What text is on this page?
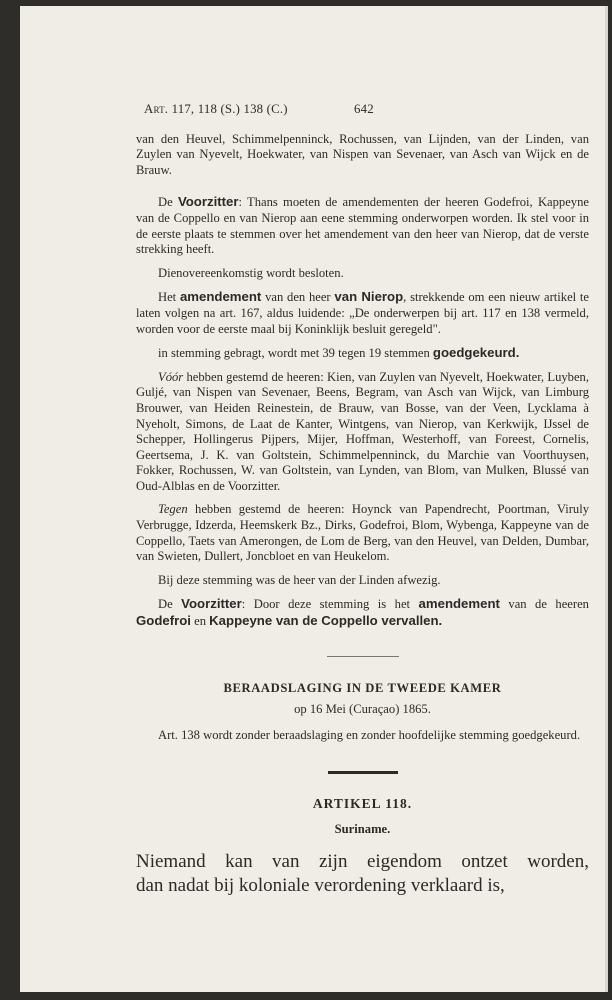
Art. 117, 118 (S.) 138 (C.)	642

van den Heuvel, Schimmelpenninck, Rochussen, van Lijnden, van der Linden, van Zuylen van Nyevelt, Hoekwater, van Nispen van Sevenaer, van Asch van Wijck en de Brauw.

De Voorzitter: Thans moeten de amendementen der heeren Godefroi, Kappeyne van de Coppello en van Nierop aan eene stemming onderworpen worden. Ik stel voor in de eerste plaats te stemmen over het amendement van den heer van Nierop, dat de verste strekking heeft.

Dienovereenkomstig wordt besloten.

Het amendement van den heer van Nierop, strekkende om een nieuw artikel te laten volgen na art. 167, aldus luidende: „De onderwerpen bij art. 117 en 138 vermeld, worden voor de eerste maal bij Koninklijk besluit geregeld".

in stemming gebragt, wordt met 39 tegen 19 stemmen goedgekeurd.

Vóór hebben gestemd de heeren: Kien, van Zuylen van Nyevelt, Hoekwater, Luyben, Guljé, van Nispen van Sevenaer, Beens, Begram, van Asch van Wijck, van Limburg Brouwer, van Heiden Reinestein, de Brauw, van Bosse, van der Veen, Lycklama à Nyeholt, Simons, de Laat de Kanter, Wintgens, van Nierop, van Kerkwijk, IJssel de Schepper, Hollingerus Pijpers, Mijer, Hoffman, Westerhoff, van Foreest, Cornelis, Geertsema, J. K. van Goltstein, Schimmelpenninck, du Marchie van Voorthuysen, Fokker, Rochussen, W. van Goltstein, van Lynden, van Blom, van Mulken, Blussé van Oud-Alblas en de Voorzitter.

Tegen hebben gestemd de heeren: Hoynck van Papendrecht, Poortman, Viruly Verbrugge, Idzerda, Heemskerk Bz., Dirks, Godefroi, Blom, Wybenga, Kappeyne van de Coppello, Taets van Amerongen, de Lom de Berg, van den Heuvel, van Delden, Dumbar, van Swieten, Dullert, Joncbloet en van Heukelom.

Bij deze stemming was de heer van der Linden afwezig.

De Voorzitter: Door deze stemming is het amendement van de heeren Godefroi en Kappeyne van de Coppello vervallen.

BERAADSLAGING IN DE TWEEDE KAMER
op 16 Mei (Curaçao) 1865.

Art. 138 wordt zonder beraadslaging en zonder hoofdelijke stemming goedgekeurd.

ARTIKEL 118.
Suriname.

Niemand kan van zijn eigendom ontzet worden,

dan nadat bij koloniale verordening verklaard is,
